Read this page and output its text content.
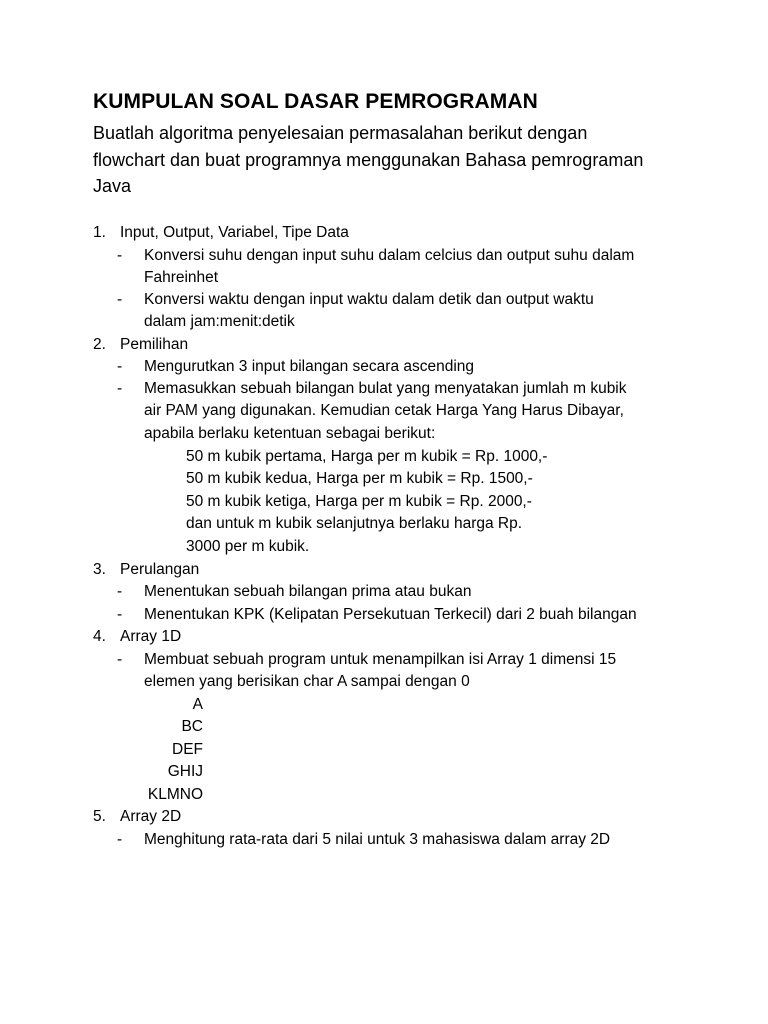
KUMPULAN SOAL DASAR PEMROGRAMAN
Buatlah algoritma penyelesaian permasalahan berikut dengan
flowchart dan buat programnya menggunakan Bahasa pemrograman
Java
1. Input, Output, Variabel, Tipe Data
- Konversi suhu dengan input suhu dalam celcius dan output suhu dalam
Fahreinhet
- Konversi waktu dengan input waktu dalam detik dan output waktu
dalam jam:menit:detik
2. Pemilihan
- Mengurutkan 3 input bilangan secara ascending
- Memasukkan sebuah bilangan bulat yang menyatakan jumlah m kubik
air PAM yang digunakan. Kemudian cetak Harga Yang Harus Dibayar,
apabila berlaku ketentuan sebagai berikut:
50 m kubik pertama, Harga per m kubik = Rp. 1000,-
50 m kubik kedua, Harga per m kubik = Rp. 1500,-
50 m kubik ketiga, Harga per m kubik = Rp. 2000,-
dan untuk m kubik selanjutnya berlaku harga Rp.
3000 per m kubik.
3. Perulangan
- Menentukan sebuah bilangan prima atau bukan
- Menentukan KPK (Kelipatan Persekutuan Terkecil) dari 2 buah bilangan
4. Array 1D
- Membuat sebuah program untuk menampilkan isi Array 1 dimensi 15
elemen yang berisikan char A sampai dengan 0
A
BC
DEF
GHIJ
KLMNO
5. Array 2D
- Menghitung rata-rata dari 5 nilai untuk 3 mahasiswa dalam array 2D
